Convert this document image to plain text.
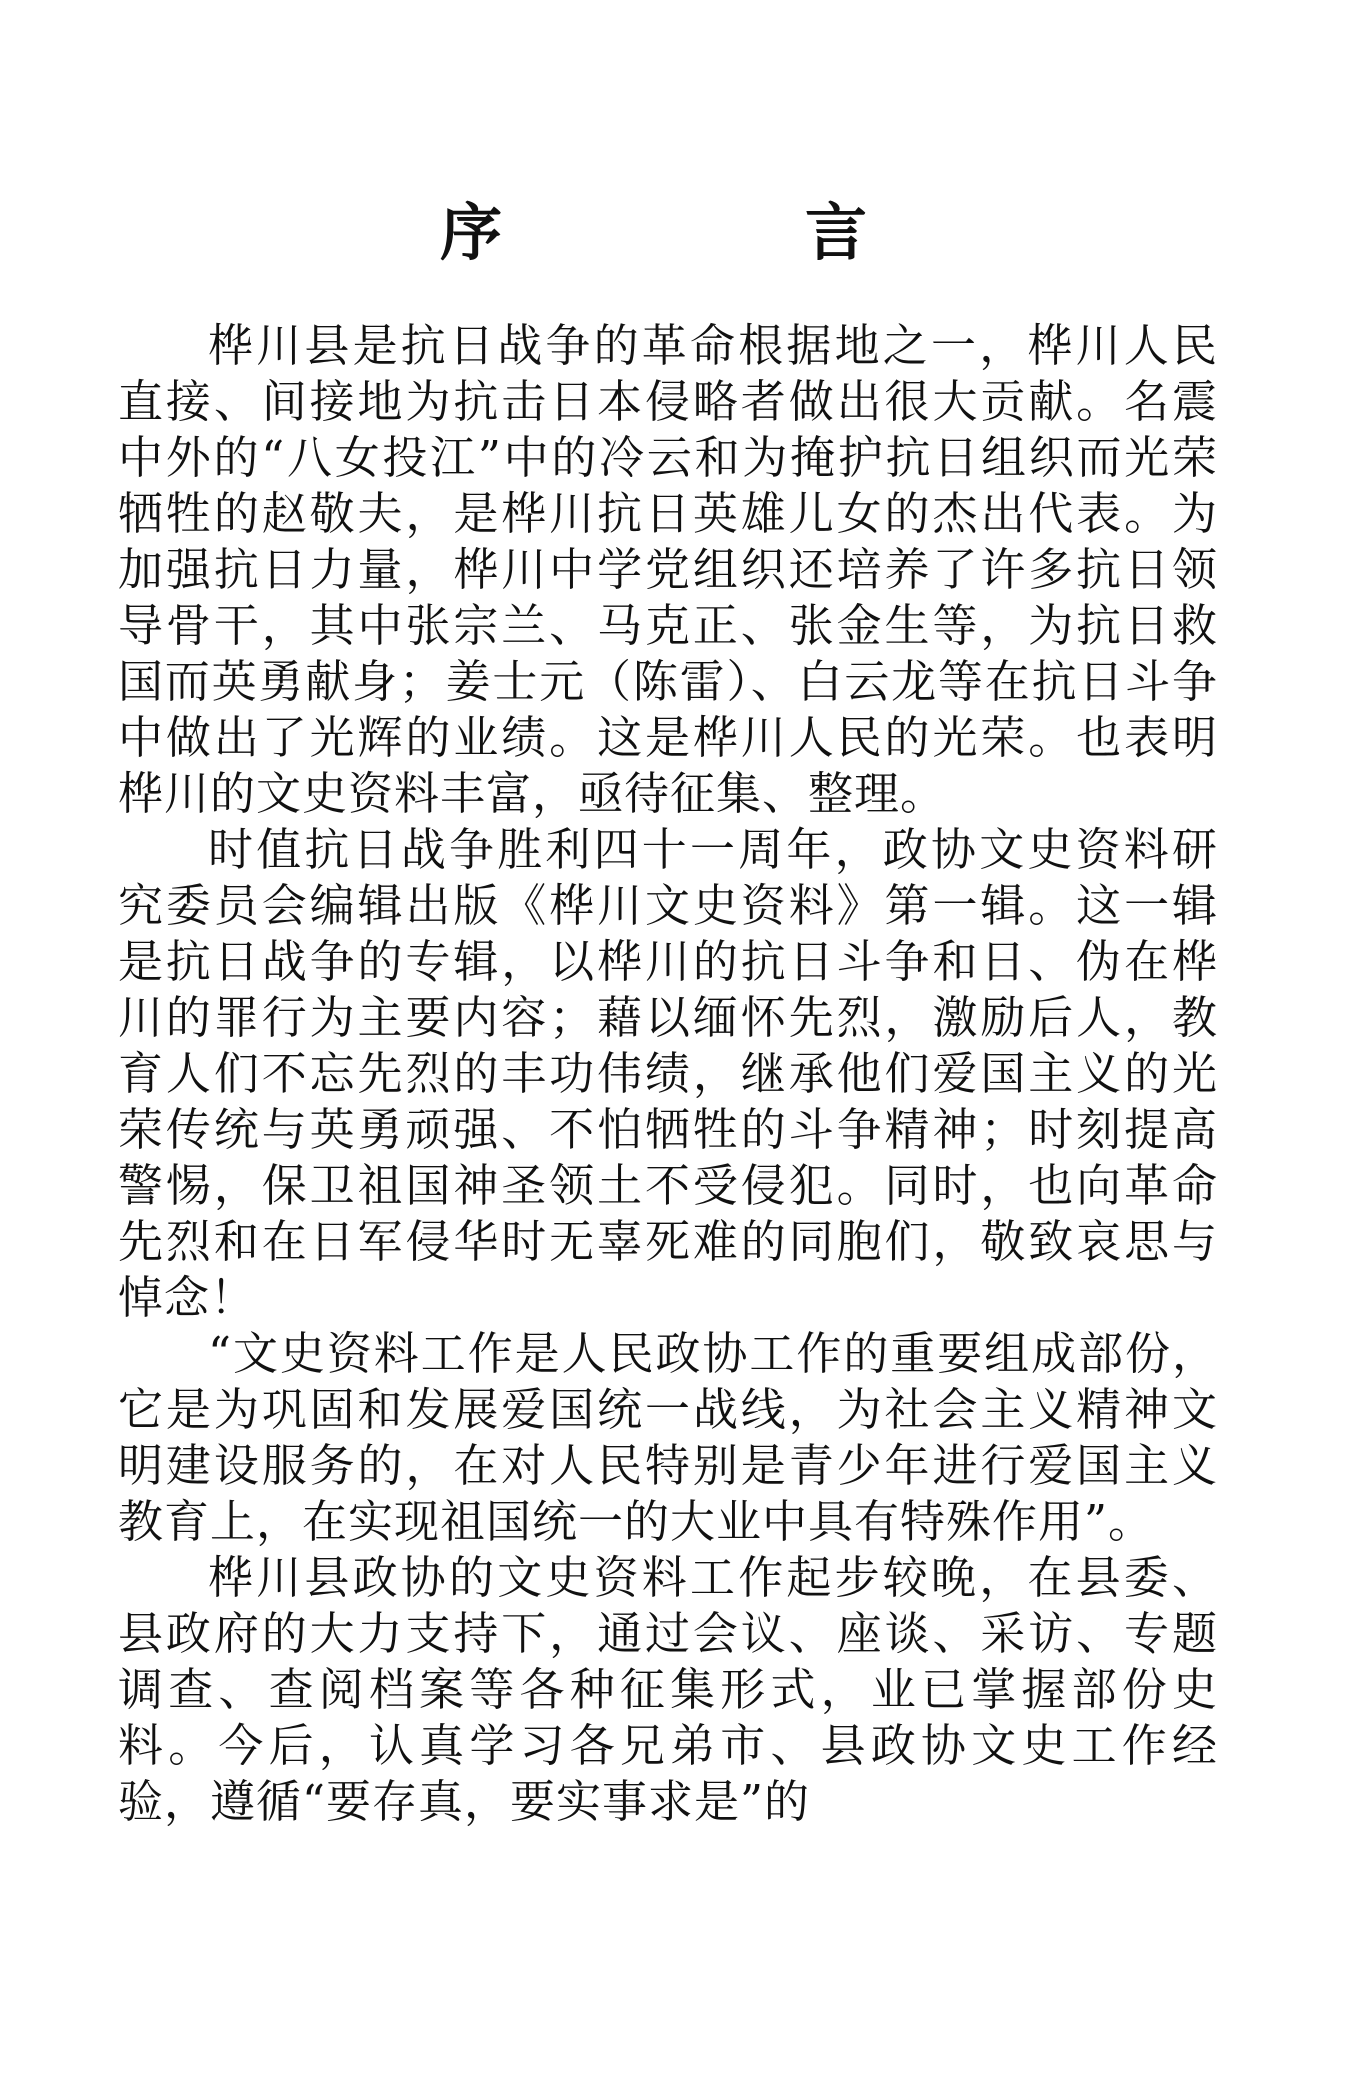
序	言

桦川县是抗日战争的革命根据地之一，桦川人民直接、间接地为抗击日本侵略者做出很大贡献。名震中外的“八女投江”中的冷云和为掩护抗日组织而光荣牺牲的赵敬夫，是桦川抗日英雄儿女的杰出代表。为加强抗日力量，桦川中学党组织还培养了许多抗日领导骨干，其中张宗兰、马克正、张金生等，为抗日救国而英勇献身；姜士元（陈雷）、白云龙等在抗日斗争中做出了光辉的业绩。这是桦川人民的光荣。也表明桦川的文史资料丰富，亟待征集、整理。

时值抗日战争胜利四十一周年，政协文史资料研究委员会编辑出版《桦川文史资料》第一辑。这一辑是抗日战争的专辑，以桦川的抗日斗争和日、伪在桦川的罪行为主要内容；藉以缅怀先烈，激励后人，教育人们不忘先烈的丰功伟绩，继承他们爱国主义的光荣传统与英勇顽强、不怕牺牲的斗争精神；时刻提高警惕，保卫祖国神圣领土不受侵犯。同时，也向革命先烈和在日军侵华时无辜死难的同胞们，敬致哀思与悼念！

“文史资料工作是人民政协工作的重要组成部份，它是为巩固和发展爱国统一战线，为社会主义精神文明建设服务的，在对人民特别是青少年进行爱国主义教育上，在实现祖国统一的大业中具有特殊作用”。

桦川县政协的文史资料工作起步较晚，在县委、县政府的大力支持下，通过会议、座谈、采访、专题调查、查阅档案等各种征集形式，业已掌握部份史料。今后，认真学习各兄弟市、县政协文史工作经验，遵循“要存真，要实事求是”的
